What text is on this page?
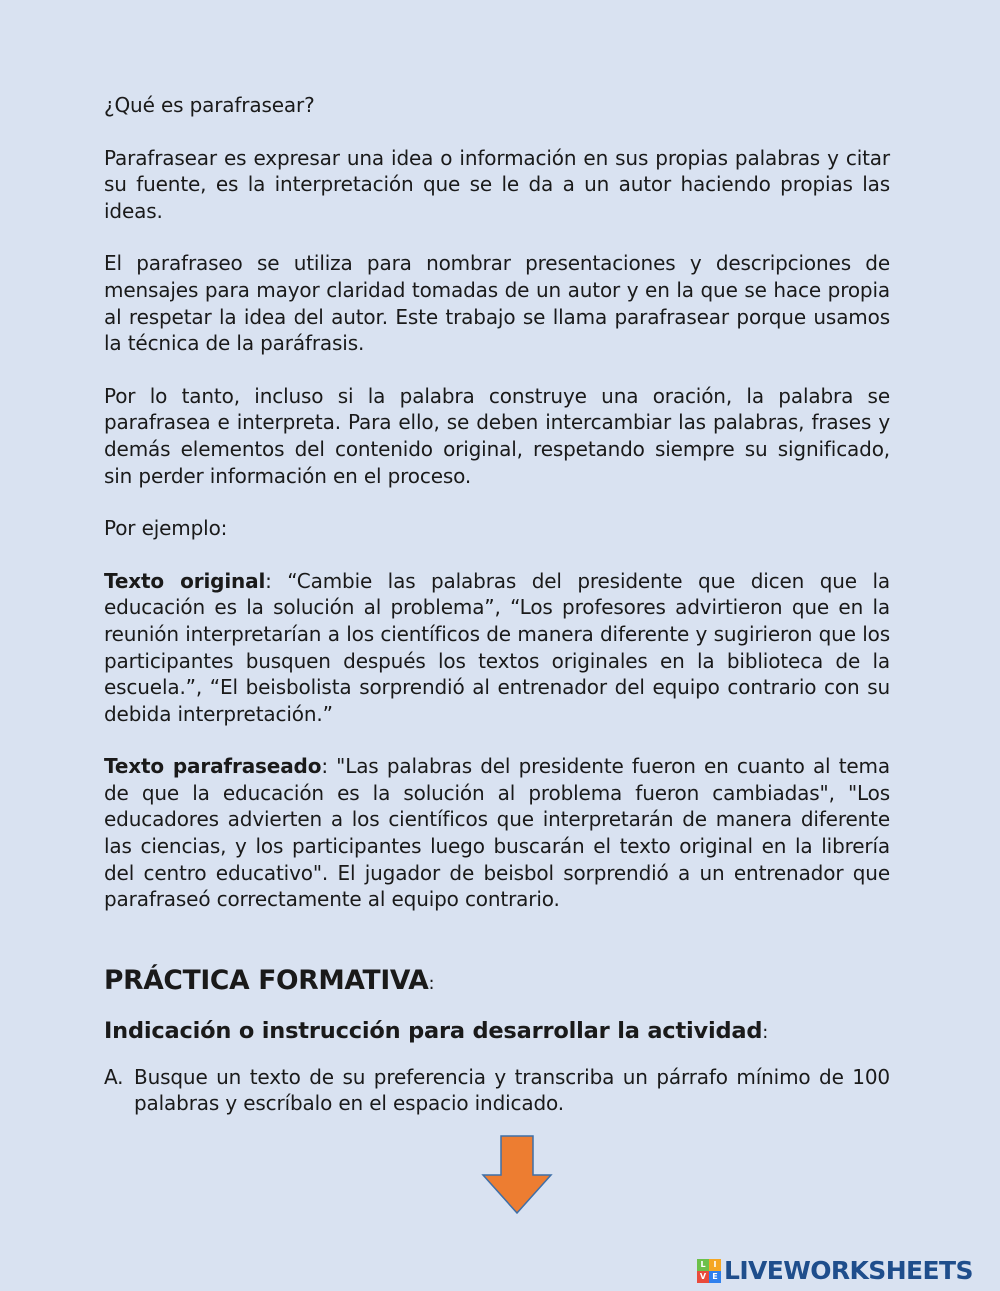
¿Qué es parafrasear?

Parafrasear es expresar una idea o información en sus propias palabras y citar su fuente, es la interpretación que se le da a un autor haciendo propias las ideas.

El parafraseo se utiliza para nombrar presentaciones y descripciones de mensajes para mayor claridad tomadas de un autor y en la que se hace propia al respetar la idea del autor. Este trabajo se llama parafrasear porque usamos la técnica de la paráfrasis.

Por lo tanto, incluso si la palabra construye una oración, la palabra se parafrasea e interpreta. Para ello, se deben intercambiar las palabras, frases y demás elementos del contenido original, respetando siempre su significado, sin perder información en el proceso.

Por ejemplo:

Texto original: “Cambie las palabras del presidente que dicen que la educación es la solución al problema”, “Los profesores advirtieron que en la reunión interpretarían a los científicos de manera diferente y sugirieron que los participantes busquen después los textos originales en la biblioteca de la escuela.”, “El beisbolista sorprendió al entrenador del equipo contrario con su debida interpretación.”

Texto parafraseado: "Las palabras del presidente fueron en cuanto al tema de que la educación es la solución al problema fueron cambiadas", "Los educadores advierten a los científicos que interpretarán de manera diferente las ciencias, y los participantes luego buscarán el texto original en la librería del centro educativo". El jugador de beisbol sorprendió a un entrenador que parafraseó correctamente al equipo contrario.

PRÁCTICA FORMATIVA:
Indicación o instrucción para desarrollar la actividad:

A. Busque un texto de su preferencia y transcriba un párrafo mínimo de 100 palabras y escríbalo en el espacio indicado.

L I
V E LIVEWORKSHEETS
